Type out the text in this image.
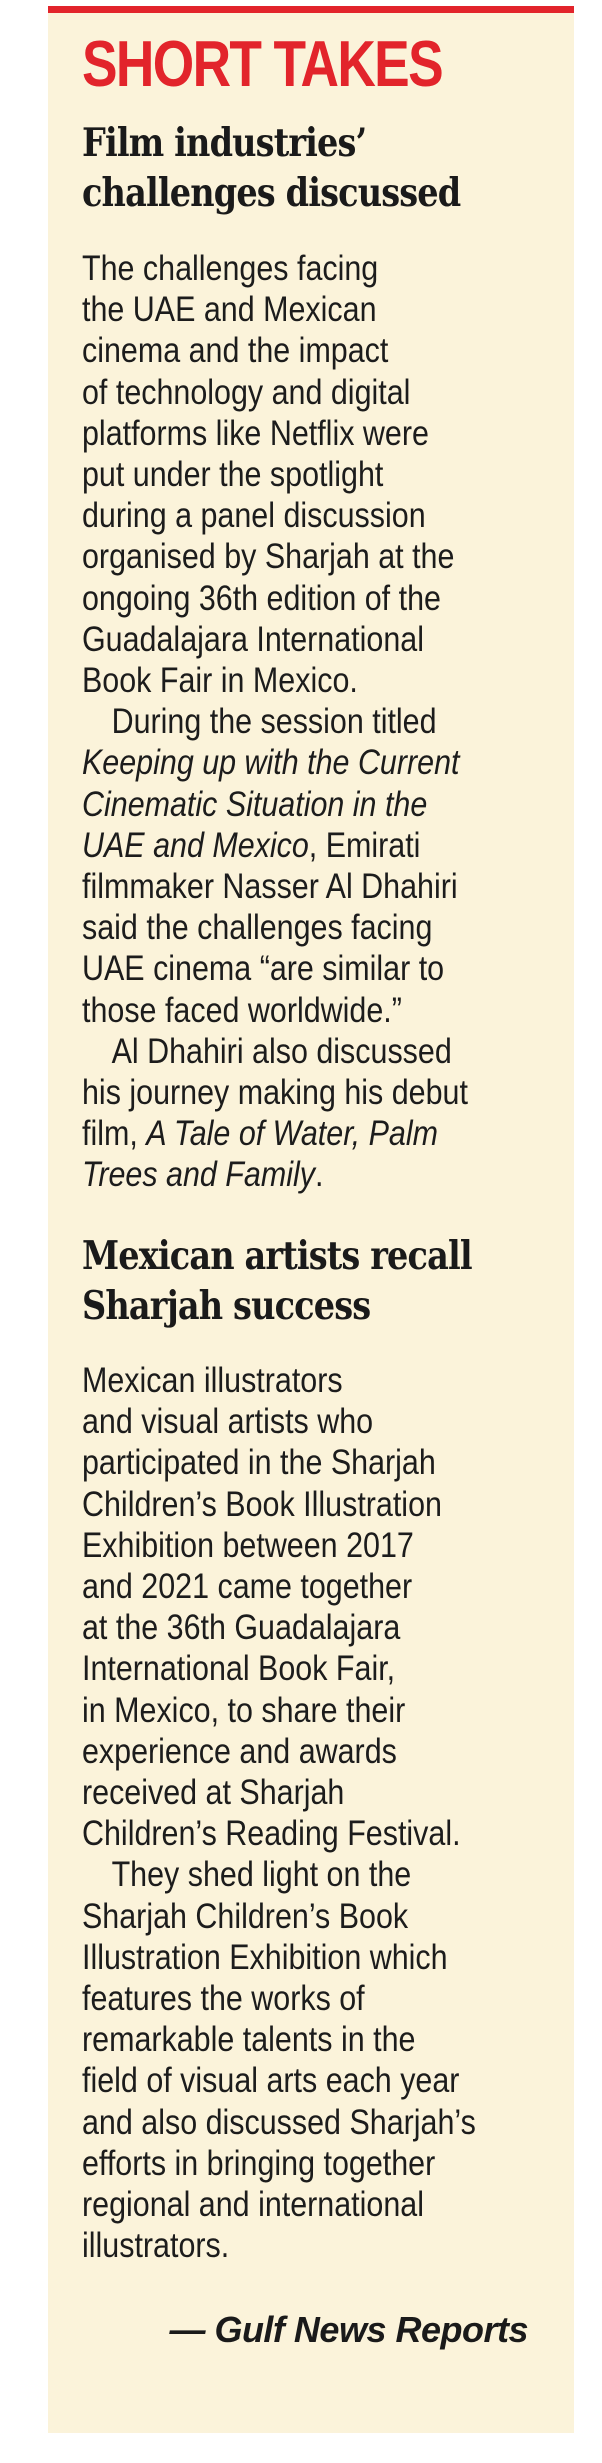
SHORT TAKES
Film industries’
challenges discussed
The challenges facing
the UAE and Mexican
cinema and the impact
of technology and digital
platforms like Netflix were
put under the spotlight
during a panel discussion
organised by Sharjah at the
ongoing 36th edition of the
Guadalajara International
Book Fair in Mexico.
During the session titled
Keeping up with the Current
Cinematic Situation in the
UAE and Mexico, Emirati
filmmaker Nasser Al Dhahiri
said the challenges facing
UAE cinema “are similar to
those faced worldwide.”
Al Dhahiri also discussed
his journey making his debut
film, A Tale of Water, Palm
Trees and Family.
Mexican artists recall
Sharjah success
Mexican illustrators
and visual artists who
participated in the Sharjah
Children’s Book Illustration
Exhibition between 2017
and 2021 came together
at the 36th Guadalajara
International Book Fair,
in Mexico, to share their
experience and awards
received at Sharjah
Children’s Reading Festival.
They shed light on the
Sharjah Children’s Book
Illustration Exhibition which
features the works of
remarkable talents in the
field of visual arts each year
and also discussed Sharjah’s
efforts in bringing together
regional and international
illustrators.

— Gulf News Reports
